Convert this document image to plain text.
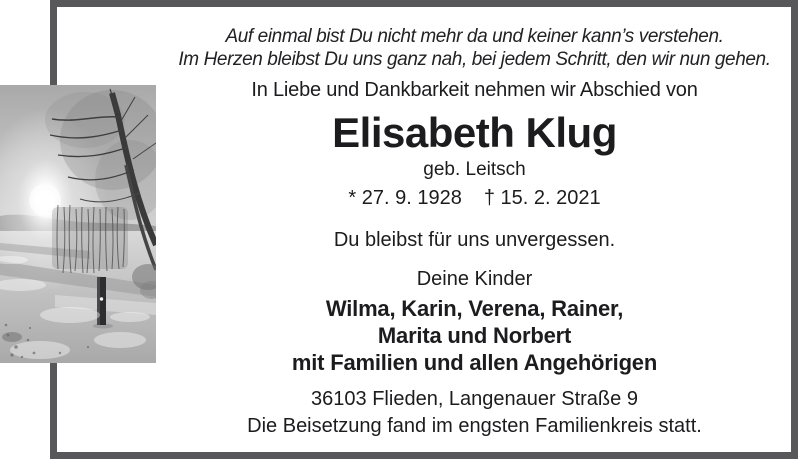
Auf einmal bist Du nicht mehr da und keiner kann’s verstehen.
Im Herzen bleibst Du uns ganz nah, bei jedem Schritt, den wir nun gehen.
In Liebe und Dankbarkeit nehmen wir Abschied von
Elisabeth Klug
geb. Leitsch
* 27. 9. 1928 † 15. 2. 2021
Du bleibst für uns unvergessen.
Deine Kinder
Wilma, Karin, Verena, Rainer,
Marita und Norbert
mit Familien und allen Angehörigen
36103 Flieden, Langenauer Straße 9
Die Beisetzung fand im engsten Familienkreis statt.
